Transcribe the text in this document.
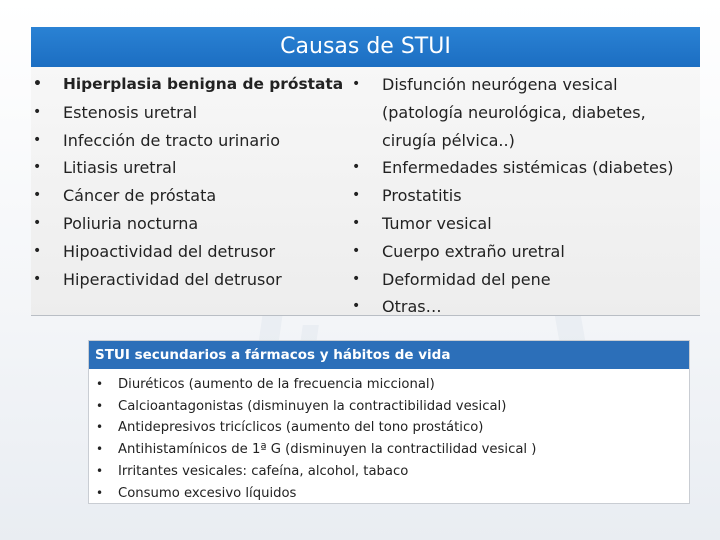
Causas de STUI
• Hiperplasia benigna de próstata
• Estenosis uretral
• Infección de tracto urinario
• Litiasis uretral
• Cáncer de próstata
• Poliuria nocturna
• Hipoactividad del detrusor
• Hiperactividad del detrusor
• Disfunción neurógena vesical
(patología neurológica, diabetes,
cirugía pélvica..)
• Enfermedades sistémicas (diabetes)
• Prostatitis
• Tumor vesical
• Cuerpo extraño uretral
• Deformidad del pene
• Otras…
STUI secundarios a fármacos y hábitos de vida
• Diuréticos (aumento de la frecuencia miccional)
• Calcioantagonistas (disminuyen la contractibilidad vesical)
• Antidepresivos tricíclicos (aumento del tono prostático)
• Antihistamínicos de 1ª G (disminuyen la contractilidad vesical )
• Irritantes vesicales: cafeína, alcohol, tabaco
• Consumo excesivo líquidos
